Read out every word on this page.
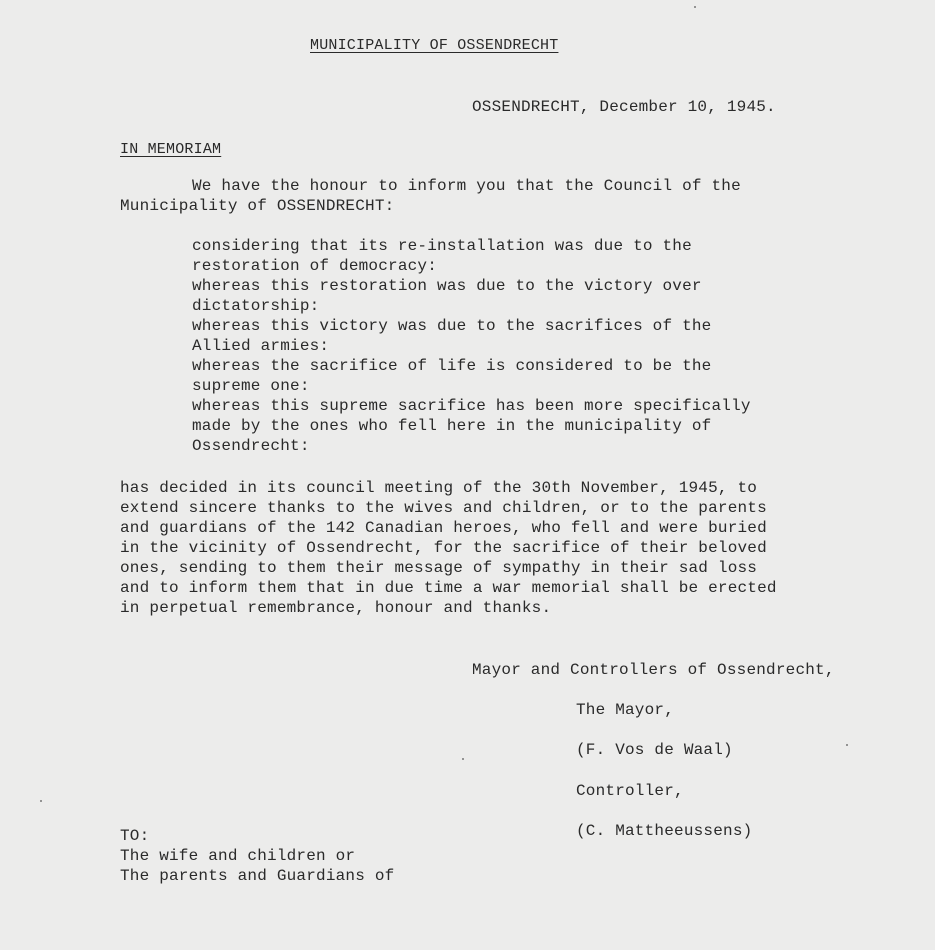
MUNICIPALITY OF OSSENDRECHT

OSSENDRECHT, December 10, 1945.

IN MEMORIAM

We have the honour to inform you that the Council of the

Municipality of OSSENDRECHT:

considering that its re-installation was due to the

restoration of democracy:

whereas this restoration was due to the victory over

dictatorship:

whereas this victory was due to the sacrifices of the

Allied armies:

whereas the sacrifice of life is considered to be the

supreme one:

whereas this supreme sacrifice has been more specifically

made by the ones who fell here in the municipality of

Ossendrecht:

has decided in its council meeting of the 30th November, 1945, to

extend sincere thanks to the wives and children, or to the parents

and guardians of the 142 Canadian heroes, who fell and were buried

in the vicinity of Ossendrecht, for the sacrifice of their beloved

ones, sending to them their message of sympathy in their sad loss

and to inform them that in due time a war memorial shall be erected

in perpetual remembrance, honour and thanks.

Mayor and Controllers of Ossendrecht,

The Mayor,

(F. Vos de Waal)

Controller,

(C. Mattheeussens)

TO:

The wife and children or

The parents and Guardians of
